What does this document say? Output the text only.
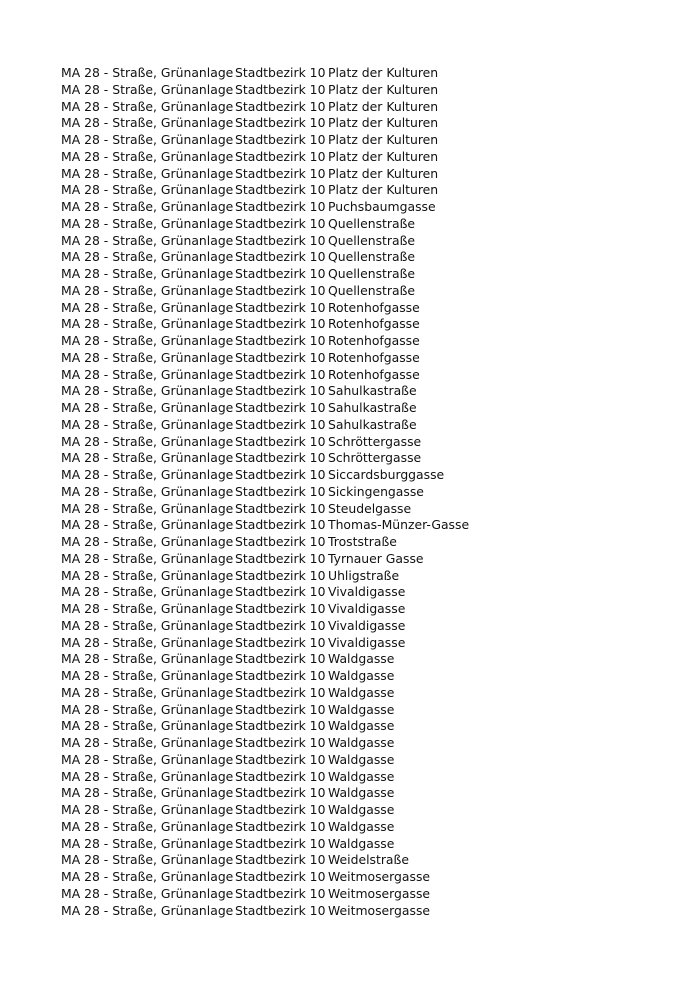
MA 28 - Straße, Grünanlage Stadtbezirk 10 Platz der Kulturen
MA 28 - Straße, Grünanlage Stadtbezirk 10 Platz der Kulturen
MA 28 - Straße, Grünanlage Stadtbezirk 10 Platz der Kulturen
MA 28 - Straße, Grünanlage Stadtbezirk 10 Platz der Kulturen
MA 28 - Straße, Grünanlage Stadtbezirk 10 Platz der Kulturen
MA 28 - Straße, Grünanlage Stadtbezirk 10 Platz der Kulturen
MA 28 - Straße, Grünanlage Stadtbezirk 10 Platz der Kulturen
MA 28 - Straße, Grünanlage Stadtbezirk 10 Platz der Kulturen
MA 28 - Straße, Grünanlage Stadtbezirk 10 Puchsbaumgasse
MA 28 - Straße, Grünanlage Stadtbezirk 10 Quellenstraße
MA 28 - Straße, Grünanlage Stadtbezirk 10 Quellenstraße
MA 28 - Straße, Grünanlage Stadtbezirk 10 Quellenstraße
MA 28 - Straße, Grünanlage Stadtbezirk 10 Quellenstraße
MA 28 - Straße, Grünanlage Stadtbezirk 10 Quellenstraße
MA 28 - Straße, Grünanlage Stadtbezirk 10 Rotenhofgasse
MA 28 - Straße, Grünanlage Stadtbezirk 10 Rotenhofgasse
MA 28 - Straße, Grünanlage Stadtbezirk 10 Rotenhofgasse
MA 28 - Straße, Grünanlage Stadtbezirk 10 Rotenhofgasse
MA 28 - Straße, Grünanlage Stadtbezirk 10 Rotenhofgasse
MA 28 - Straße, Grünanlage Stadtbezirk 10 Sahulkastraße
MA 28 - Straße, Grünanlage Stadtbezirk 10 Sahulkastraße
MA 28 - Straße, Grünanlage Stadtbezirk 10 Sahulkastraße
MA 28 - Straße, Grünanlage Stadtbezirk 10 Schröttergasse
MA 28 - Straße, Grünanlage Stadtbezirk 10 Schröttergasse
MA 28 - Straße, Grünanlage Stadtbezirk 10 Siccardsburggasse
MA 28 - Straße, Grünanlage Stadtbezirk 10 Sickingengasse
MA 28 - Straße, Grünanlage Stadtbezirk 10 Steudelgasse
MA 28 - Straße, Grünanlage Stadtbezirk 10 Thomas-Münzer-Gasse
MA 28 - Straße, Grünanlage Stadtbezirk 10 Troststraße
MA 28 - Straße, Grünanlage Stadtbezirk 10 Tyrnauer Gasse
MA 28 - Straße, Grünanlage Stadtbezirk 10 Uhligstraße
MA 28 - Straße, Grünanlage Stadtbezirk 10 Vivaldigasse
MA 28 - Straße, Grünanlage Stadtbezirk 10 Vivaldigasse
MA 28 - Straße, Grünanlage Stadtbezirk 10 Vivaldigasse
MA 28 - Straße, Grünanlage Stadtbezirk 10 Vivaldigasse
MA 28 - Straße, Grünanlage Stadtbezirk 10 Waldgasse
MA 28 - Straße, Grünanlage Stadtbezirk 10 Waldgasse
MA 28 - Straße, Grünanlage Stadtbezirk 10 Waldgasse
MA 28 - Straße, Grünanlage Stadtbezirk 10 Waldgasse
MA 28 - Straße, Grünanlage Stadtbezirk 10 Waldgasse
MA 28 - Straße, Grünanlage Stadtbezirk 10 Waldgasse
MA 28 - Straße, Grünanlage Stadtbezirk 10 Waldgasse
MA 28 - Straße, Grünanlage Stadtbezirk 10 Waldgasse
MA 28 - Straße, Grünanlage Stadtbezirk 10 Waldgasse
MA 28 - Straße, Grünanlage Stadtbezirk 10 Waldgasse
MA 28 - Straße, Grünanlage Stadtbezirk 10 Waldgasse
MA 28 - Straße, Grünanlage Stadtbezirk 10 Waldgasse
MA 28 - Straße, Grünanlage Stadtbezirk 10 Weidelstraße
MA 28 - Straße, Grünanlage Stadtbezirk 10 Weitmosergasse
MA 28 - Straße, Grünanlage Stadtbezirk 10 Weitmosergasse
MA 28 - Straße, Grünanlage Stadtbezirk 10 Weitmosergasse
